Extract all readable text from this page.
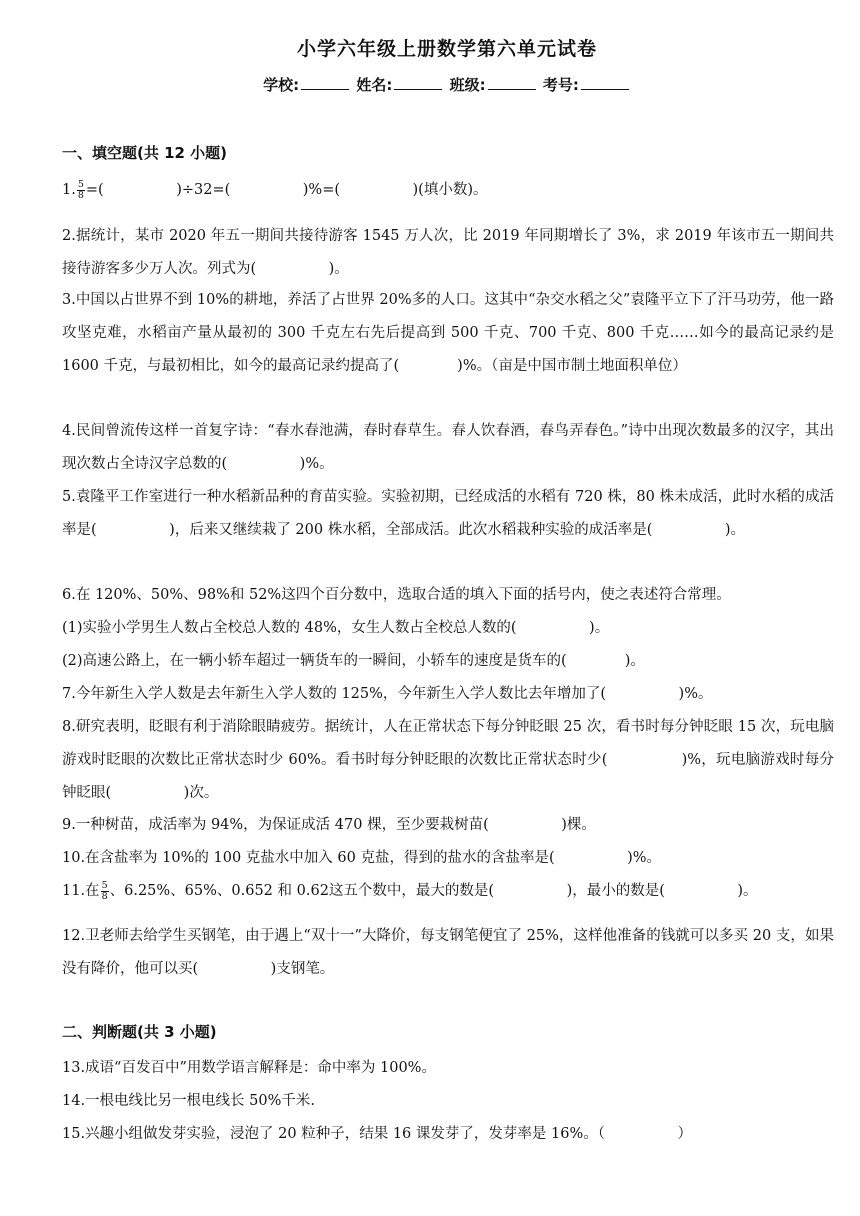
小学六年级上册数学第六单元试卷
学校:	姓名:	班级:	考号:
一、填空题(共 12 小题)
1. $\frac{5}{8}$ =(　　　　　)÷32=(　　　　　)%=(　　　　　)(填小数)。
2.据统计，某市 2020 年五一期间共接待游客 1545 万人次，比 2019 年同期增长了 3%，求 2019 年该市五一期间共接待游客多少万人次。列式为(　　　　　)。
3.中国以占世界不到 10%的耕地，养活了占世界 20%多的人口。这其中“杂交水稻之父”袁隆平立下了汗马功劳，他一路攻坚克难，水稻亩产量从最初的 300 千克左右先后提高到 500 千克、700 千克、800 千克……如今的最高记录约是 1600 千克，与最初相比，如今的最高记录约提高了(　　　　)%。（亩是中国市制土地面积单位）
4.民间曾流传这样一首复字诗：“春水春池满，春时春草生。春人饮春酒，春鸟弄春色。”诗中出现次数最多的汉字，其出现次数占全诗汉字总数的(　　　　　)%。
5.袁隆平工作室进行一种水稻新品种的育苗实验。实验初期，已经成活的水稻有 720 株，80 株未成活，此时水稻的成活率是(　　　　　)，后来又继续栽了 200 株水稻，全部成活。此次水稻栽种实验的成活率是(　　　　　)。
6.在 120%、50%、98%和 52%这四个百分数中，选取合适的填入下面的括号内，使之表述符合常理。
(1)实验小学男生人数占全校总人数的 48%，女生人数占全校总人数的(　　　　　)。
(2)高速公路上，在一辆小轿车超过一辆货车的一瞬间，小轿车的速度是货车的(　　　　)。
7.今年新生入学人数是去年新生入学人数的 125%，今年新生入学人数比去年增加了(　　　　　)%。
8.研究表明，眨眼有利于消除眼睛疲劳。据统计，人在正常状态下每分钟眨眼 25 次，看书时每分钟眨眼 15 次，玩电脑游戏时眨眼的次数比正常状态时少 60%。看书时每分钟眨眼的次数比正常状态时少(　　　　　)%，玩电脑游戏时每分钟眨眼(　　　　　)次。
9.一种树苗，成活率为 94%，为保证成活 470 棵，至少要栽树苗(　　　　　)棵。
10.在含盐率为 10%的 100 克盐水中加入 60 克盐，得到的盐水的含盐率是(　　　　　)%。
11.在 $\frac{5}{8}$ 、6.25%、65%、0.652 和 0.62这五个数中，最大的数是(　　　　　)，最小的数是(　　　　　)。
12.卫老师去给学生买钢笔，由于遇上“双十一”大降价，每支钢笔便宜了 25%，这样他准备的钱就可以多买 20 支，如果没有降价，他可以买(　　　　　)支钢笔。
二、判断题(共 3 小题)
13.成语“百发百中”用数学语言解释是：命中率为 100%。
14.一根电线比另一根电线长 50%千米.
15.兴趣小组做发芽实验，浸泡了 20 粒种子，结果 16 课发芽了，发芽率是 16%。（　　　　　）
